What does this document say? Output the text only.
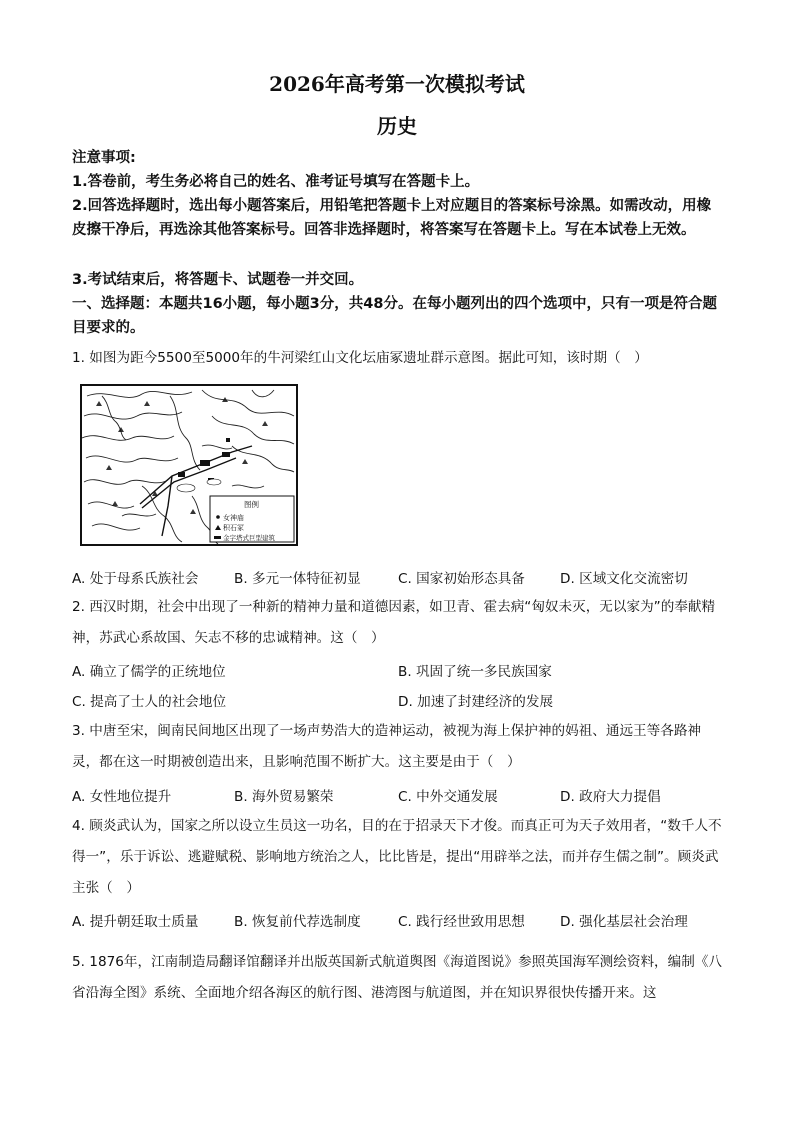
2026年高考第一次模拟考试
历史
注意事项:
1.答卷前，考生务必将自己的姓名、准考证号填写在答题卡上。
2.回答选择题时，选出每小题答案后，用铅笔把答题卡上对应题目的答案标号涂黑。如需改动，用橡皮擦干净后，再选涂其他答案标号。回答非选择题时，将答案写在答题卡上。写在本试卷上无效。
3.考试结束后，将答题卡、试题卷一并交回。
一、选择题：本题共16小题，每小题3分，共48分。在每小题列出的四个选项中，只有一项是符合题目要求的。
1. 如图为距今5500至5000年的牛河梁红山文化坛庙冢遗址群示意图。据此可知，该时期（　）
图例
女神庙
积石冢
金字塔式巨型建筑
A. 处于母系氏族社会	B. 多元一体特征初显	C. 国家初始形态具备	D. 区域文化交流密切
2. 西汉时期，社会中出现了一种新的精神力量和道德因素，如卫青、霍去病“匈奴未灭，无以家为”的奉献精神，苏武心系故国、矢志不移的忠诚精神。这（　）
A. 确立了儒学的正统地位	B. 巩固了统一多民族国家
C. 提高了士人的社会地位	D. 加速了封建经济的发展
3. 中唐至宋，闽南民间地区出现了一场声势浩大的造神运动，被视为海上保护神的妈祖、通远王等各路神灵，都在这一时期被创造出来，且影响范围不断扩大。这主要是由于（　）
A. 女性地位提升	B. 海外贸易繁荣	C. 中外交通发展	D. 政府大力提倡
4. 顾炎武认为，国家之所以设立生员这一功名，目的在于招录天下才俊。而真正可为天子效用者，“数千人不得一”，乐于诉讼、逃避赋税、影响地方统治之人，比比皆是，提出“用辟举之法，而并存生儒之制”。顾炎武主张（　）
A. 提升朝廷取士质量	B. 恢复前代荐选制度	C. 践行经世致用思想	D. 强化基层社会治理
5. 1876年，江南制造局翻译馆翻译并出版英国新式航道舆图《海道图说》参照英国海军测绘资料，编制《八省沿海全图》系统、全面地介绍各海区的航行图、港湾图与航道图，并在知识界很快传播开来。这
